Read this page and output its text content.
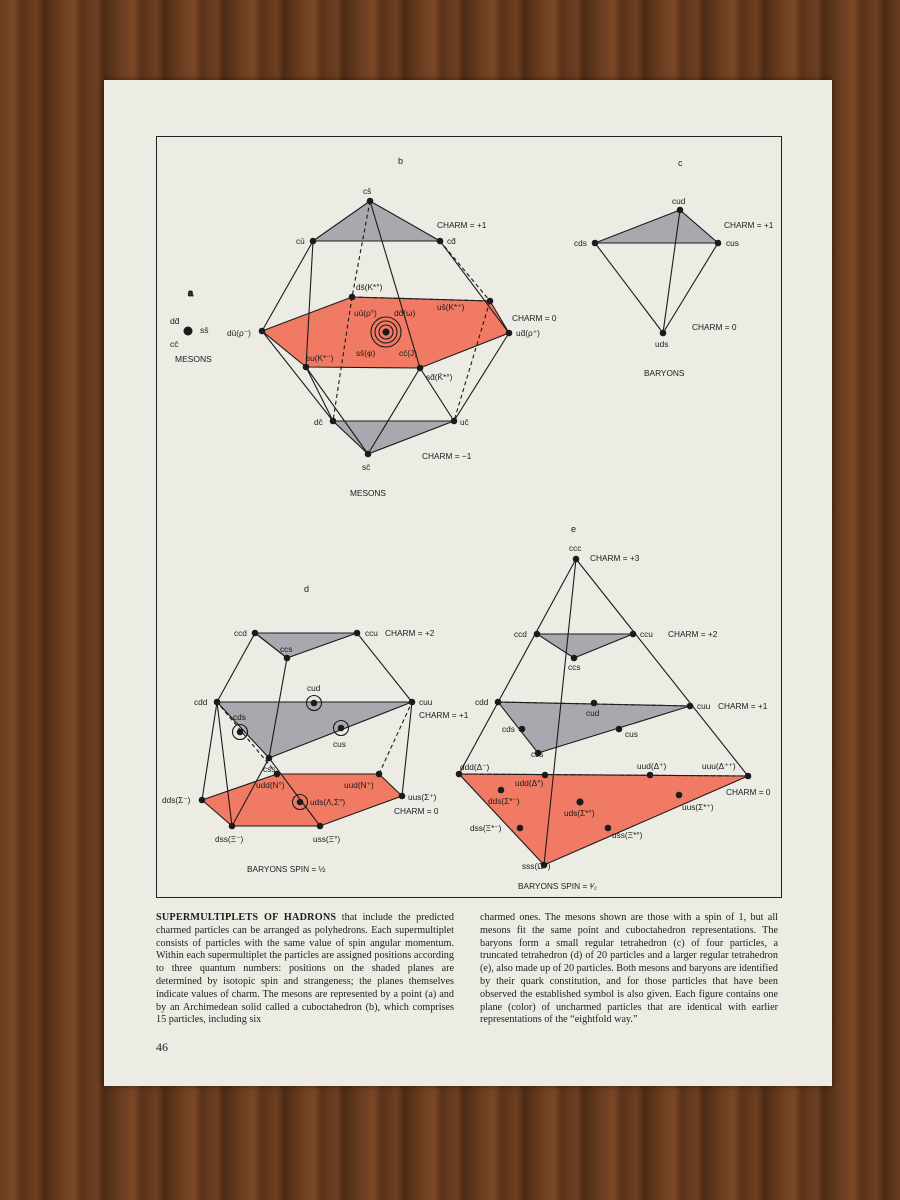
a
dd̄
ss̄
cc̄
MESONS
b
cs̄
cū	cd̄
ds̄(K*°)
us̄(K*⁺)
uū(ρ°) dd̄(ω)
dū(ρ⁻)	ud̄(ρ⁺)
ss̄(φ)	cc̄(J)
su(K*⁻)
sd̄(K̄*°)
dc̄	uc̄
sc̄
CHARM = +1
CHARM = 0
CHARM = −1
MESONS
c
cud
cds	cus
uds
CHARM = +1
CHARM = 0
BARYONS
d
ccd	ccu
ccs
cdd	cuu
cud
cds
cus
css
udd(N°)	uud(N⁺)
dds(Σ⁻)	uus(Σ⁺)
uds(Λ,Σ°)
dss(Ξ⁻)	uss(Ξ°)
CHARM = +2
CHARM = +1
CHARM = 0
BARYONS SPIN = ½
e
ccc
ccd	ccu
ccs
cdd
cud
cuu
cds	cus
css
ddd(Δ⁻)
udd(Δ°)
uud(Δ⁺)	uuu(Δ⁺⁺)
dds(Σ*⁻)
uds(Σ*°)
uus(Σ*⁺)
dss(Ξ*⁻)
uss(Ξ*°)
sss(Ω⁻)
CHARM = +3
CHARM = +2
CHARM = +1
CHARM = 0
BARYONS SPIN = ³⁄₂
SUPERMULTIPLETS OF HADRONS that include the predicted charmed particles can be arranged as polyhedrons. Each supermultiplet consists of particles with the same value of spin angular momentum. Within each supermultiplet the particles are assigned positions according to three quantum numbers: positions on the shaded planes are determined by isotopic spin and strangeness; the planes themselves indicate values of charm. The mesons are represented by a point (a) and by an Archimedean solid called a cuboctahedron (b), which comprises 15 particles, including six
charmed ones. The mesons shown are those with a spin of 1, but all mesons fit the same point and cuboctahedron representations. The baryons form a small regular tetrahedron (c) of four particles, a truncated tetrahedron (d) of 20 particles and a larger regular tetrahedron (e), also made up of 20 particles. Both mesons and baryons are identified by their quark constitution, and for those particles that have been observed the established symbol is also given. Each figure contains one plane (color) of uncharmed particles that are identical with earlier representations of the “eightfold way.”
46
